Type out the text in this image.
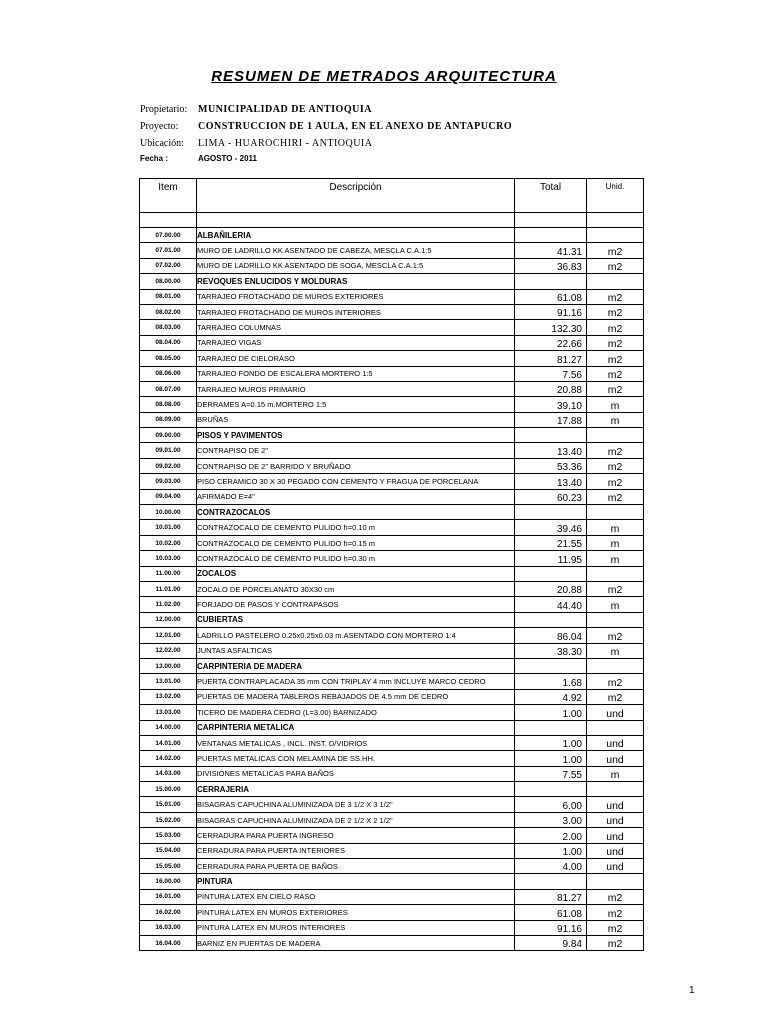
RESUMEN DE METRADOS ARQUITECTURA
Propietario:	MUNICIPALIDAD DE ANTIOQUIA
Proyecto:	CONSTRUCCION DE 1 AULA, EN EL ANEXO DE ANTAPUCRO
Ubicación:	LIMA - HUAROCHIRI - ANTIOQUIA
Fecha :	AGOSTO - 2011
Item	Descripción	Total	Unid.

07.00.00	ALBAÑILERIA		
07.01.00	MURO DE LADRILLO KK ASENTADO DE CABEZA, MESCLA C.A.1:5	41.31	m2
07.02.00	MURO DE LADRILLO KK ASENTADO DE SOGA, MESCLA C.A.1:5	36.83	m2
08.00.00	REVOQUES ENLUCIDOS Y MOLDURAS		
08.01.00	TARRAJEO FROTACHADO DE MUROS EXTERIORES	61.08	m2
08.02.00	TARRAJEO FROTACHADO DE MUROS INTERIORES	91.16	m2
08.03.00	TARRAJEO COLUMNAS	132.30	m2
08.04.00	TARRAJEO VIGAS	22.66	m2
08.05.00	TARRAJEO DE CIELORASO	81.27	m2
08.06.00	TARRAJEO FONDO DE ESCALERA MORTERO 1:5	7.56	m2
08.07.00	TARRAJEO MUROS PRIMARIO	20.88	m2
08.08.00	DERRAMES A=0.15 m.MORTERO 1:5	39.10	m
08.09.00	BRUÑAS	17.88	m
09.00.00	PISOS Y PAVIMENTOS		
09.01.00	CONTRAPISO DE 2"	13.40	m2
09.02.00	CONTRAPISO DE 2" BARRIDO Y BRUÑADO	53.36	m2
09.03.00	PISO CERAMICO 30 X 30 PEGADO CON CEMENTO Y FRAGUA DE PORCELANA	13.40	m2
09.04.00	AFIRMADO E=4"	60.23	m2
10.00.00	CONTRAZOCALOS		
10.01.00	CONTRAZOCALO DE CEMENTO PULIDO h=0.10 m	39.46	m
10.02.00	CONTRAZOCALO DE CEMENTO PULIDO h=0.15 m	21.55	m
10.03.00	CONTRAZOCALO DE CEMENTO PULIDO h=0.30 m	11.95	m
11.00.00	ZOCALOS		
11.01.00	ZOCALO DE PORCELANATO 30X30 cm	20.88	m2
11.02.00	FORJADO DE PASOS Y CONTRAPASOS	44.40	m
12.00.00	CUBIERTAS		
12.01.00	LADRILLO PASTELERO 0.25x0.25x0.03 m.ASENTADO CON MORTERO 1:4	86.04	m2
12.02.00	JUNTAS ASFALTICAS	38.30	m
13.00.00	CARPINTERIA DE MADERA		
13.01.00	PUERTA CONTRAPLACADA 35 mm CON TRIPLAY 4 mm INCLUYE MARCO CEDRO	1.68	m2
13.02.00	PUERTAS DE MADERA TABLEROS REBAJADOS DE 4.5 mm DE CEDRO	4.92	m2
13.03.00	TICERO DE MADERA CEDRO (L=3.00) BARNIZADO	1.00	und
14.00.00	CARPINTERIA METALICA		
14.01.00	VENTANAS METALICAS , INCL. INST. D/VIDRIOS	1.00	und
14.02.00	PUERTAS METALICAS CON MELAMINA DE SS.HH.	1.00	und
14.03.00	DIVISIONES METALICAS PARA BAÑOS	7.55	m
15.00.00	CERRAJERIA		
15.01.00	BISAGRAS CAPUCHINA ALUMINIZADA DE 3 1/2 X 3 1/2"	6.00	und
15.02.00	BISAGRAS CAPUCHINA ALUMINIZADA DE 2 1/2 X 2 1/2"	3.00	und
15.03.00	CERRADURA PARA PUERTA INGRESO	2.00	und
15.04.00	CERRADURA PARA PUERTA INTERIORES	1.00	und
15.05.00	CERRADURA PARA PUERTA DE BAÑOS	4.00	und
16.00.00	PINTURA		
16.01.00	PINTURA LATEX EN CIELO RASO	81.27	m2
16.02.00	PINTURA LATEX EN MUROS EXTERIORES	61.08	m2
16.03.00	PINTURA LATEX EN MUROS INTERIORES	91.16	m2
16.04.00	BARNIZ EN PUERTAS DE MADERA	9.84	m2
1
